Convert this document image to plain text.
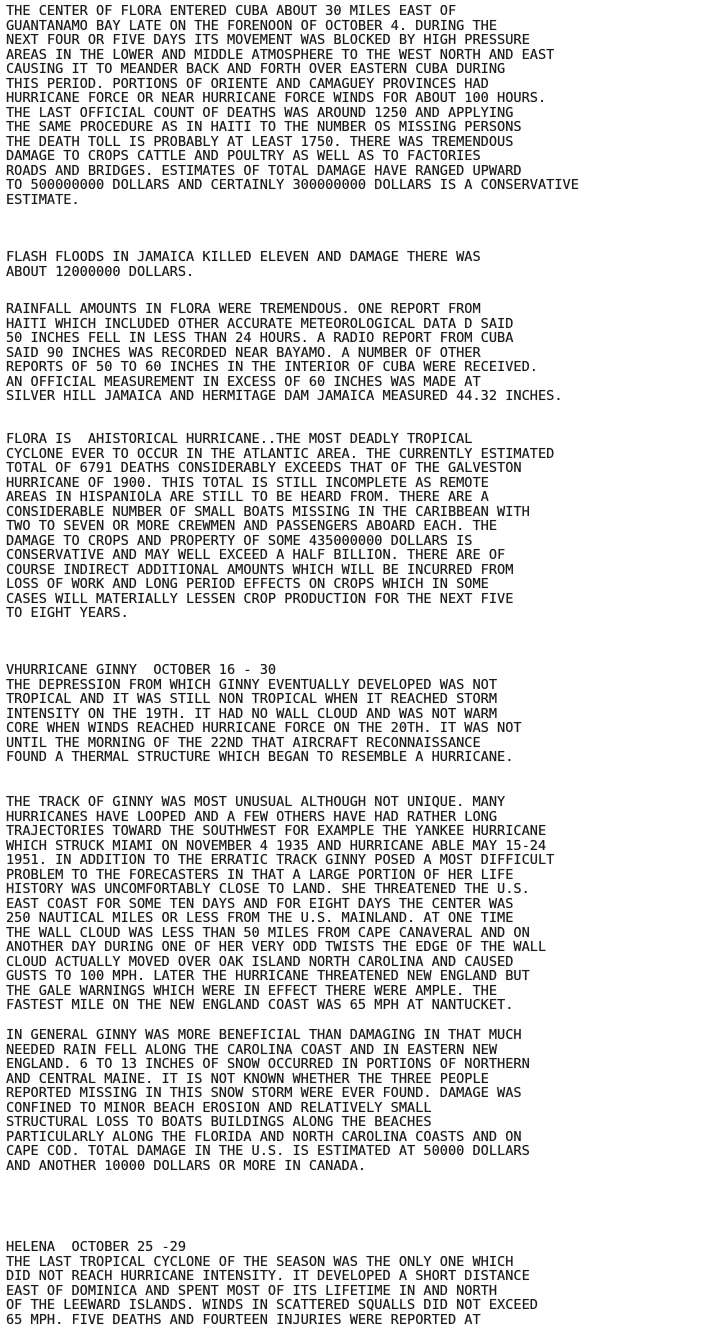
THE CENTER OF FLORA ENTERED CUBA ABOUT 30 MILES EAST OF
GUANTANAMO BAY LATE ON THE FORENOON OF OCTOBER 4. DURING THE
NEXT FOUR OR FIVE DAYS ITS MOVEMENT WAS BLOCKED BY HIGH PRESSURE
AREAS IN THE LOWER AND MIDDLE ATMOSPHERE TO THE WEST NORTH AND EAST
CAUSING IT TO MEANDER BACK AND FORTH OVER EASTERN CUBA DURING
THIS PERIOD. PORTIONS OF ORIENTE AND CAMAGUEY PROVINCES HAD
HURRICANE FORCE OR NEAR HURRICANE FORCE WINDS FOR ABOUT 100 HOURS.
THE LAST OFFICIAL COUNT OF DEATHS WAS AROUND 1250 AND APPLYING
THE SAME PROCEDURE AS IN HAITI TO THE NUMBER OS MISSING PERSONS
THE DEATH TOLL IS PROBABLY AT LEAST 1750. THERE WAS TREMENDOUS
DAMAGE TO CROPS CATTLE AND POULTRY AS WELL AS TO FACTORIES
ROADS AND BRIDGES. ESTIMATES OF TOTAL DAMAGE HAVE RANGED UPWARD
TO 500000000 DOLLARS AND CERTAINLY 300000000 DOLLARS IS A CONSERVATIVE
ESTIMATE.
FLASH FLOODS IN JAMAICA KILLED ELEVEN AND DAMAGE THERE WAS
ABOUT 12000000 DOLLARS.
RAINFALL AMOUNTS IN FLORA WERE TREMENDOUS. ONE REPORT FROM
HAITI WHICH INCLUDED OTHER ACCURATE METEOROLOGICAL DATA D SAID
50 INCHES FELL IN LESS THAN 24 HOURS. A RADIO REPORT FROM CUBA
SAID 90 INCHES WAS RECORDED NEAR BAYAMO. A NUMBER OF OTHER
REPORTS OF 50 TO 60 INCHES IN THE INTERIOR OF CUBA WERE RECEIVED.
AN OFFICIAL MEASUREMENT IN EXCESS OF 60 INCHES WAS MADE AT
SILVER HILL JAMAICA AND HERMITAGE DAM JAMAICA MEASURED 44.32 INCHES.
FLORA IS  AHISTORICAL HURRICANE..THE MOST DEADLY TROPICAL
CYCLONE EVER TO OCCUR IN THE ATLANTIC AREA. THE CURRENTLY ESTIMATED
TOTAL OF 6791 DEATHS CONSIDERABLY EXCEEDS THAT OF THE GALVESTON
HURRICANE OF 1900. THIS TOTAL IS STILL INCOMPLETE AS REMOTE
AREAS IN HISPANIOLA ARE STILL TO BE HEARD FROM. THERE ARE A
CONSIDERABLE NUMBER OF SMALL BOATS MISSING IN THE CARIBBEAN WITH
TWO TO SEVEN OR MORE CREWMEN AND PASSENGERS ABOARD EACH. THE
DAMAGE TO CROPS AND PROPERTY OF SOME 435000000 DOLLARS IS
CONSERVATIVE AND MAY WELL EXCEED A HALF BILLION. THERE ARE OF
COURSE INDIRECT ADDITIONAL AMOUNTS WHICH WILL BE INCURRED FROM
LOSS OF WORK AND LONG PERIOD EFFECTS ON CROPS WHICH IN SOME
CASES WILL MATERIALLY LESSEN CROP PRODUCTION FOR THE NEXT FIVE
TO EIGHT YEARS.
VHURRICANE GINNY  OCTOBER 16 - 30
THE DEPRESSION FROM WHICH GINNY EVENTUALLY DEVELOPED WAS NOT
TROPICAL AND IT WAS STILL NON TROPICAL WHEN IT REACHED STORM
INTENSITY ON THE 19TH. IT HAD NO WALL CLOUD AND WAS NOT WARM
CORE WHEN WINDS REACHED HURRICANE FORCE ON THE 20TH. IT WAS NOT
UNTIL THE MORNING OF THE 22ND THAT AIRCRAFT RECONNAISSANCE
FOUND A THERMAL STRUCTURE WHICH BEGAN TO RESEMBLE A HURRICANE.
THE TRACK OF GINNY WAS MOST UNUSUAL ALTHOUGH NOT UNIQUE. MANY
HURRICANES HAVE LOOPED AND A FEW OTHERS HAVE HAD RATHER LONG
TRAJECTORIES TOWARD THE SOUTHWEST FOR EXAMPLE THE YANKEE HURRICANE
WHICH STRUCK MIAMI ON NOVEMBER 4 1935 AND HURRICANE ABLE MAY 15-24
1951. IN ADDITION TO THE ERRATIC TRACK GINNY POSED A MOST DIFFICULT
PROBLEM TO THE FORECASTERS IN THAT A LARGE PORTION OF HER LIFE
HISTORY WAS UNCOMFORTABLY CLOSE TO LAND. SHE THREATENED THE U.S.
EAST COAST FOR SOME TEN DAYS AND FOR EIGHT DAYS THE CENTER WAS
250 NAUTICAL MILES OR LESS FROM THE U.S. MAINLAND. AT ONE TIME
THE WALL CLOUD WAS LESS THAN 50 MILES FROM CAPE CANAVERAL AND ON
ANOTHER DAY DURING ONE OF HER VERY ODD TWISTS THE EDGE OF THE WALL
CLOUD ACTUALLY MOVED OVER OAK ISLAND NORTH CAROLINA AND CAUSED
GUSTS TO 100 MPH. LATER THE HURRICANE THREATENED NEW ENGLAND BUT
THE GALE WARNINGS WHICH WERE IN EFFECT THERE WERE AMPLE. THE
FASTEST MILE ON THE NEW ENGLAND COAST WAS 65 MPH AT NANTUCKET.
IN GENERAL GINNY WAS MORE BENEFICIAL THAN DAMAGING IN THAT MUCH
NEEDED RAIN FELL ALONG THE CAROLINA COAST AND IN EASTERN NEW
ENGLAND. 6 TO 13 INCHES OF SNOW OCCURRED IN PORTIONS OF NORTHERN
AND CENTRAL MAINE. IT IS NOT KNOWN WHETHER THE THREE PEOPLE
REPORTED MISSING IN THIS SNOW STORM WERE EVER FOUND. DAMAGE WAS
CONFINED TO MINOR BEACH EROSION AND RELATIVELY SMALL
STRUCTURAL LOSS TO BOATS BUILDINGS ALONG THE BEACHES
PARTICULARLY ALONG THE FLORIDA AND NORTH CAROLINA COASTS AND ON
CAPE COD. TOTAL DAMAGE IN THE U.S. IS ESTIMATED AT 50000 DOLLARS
AND ANOTHER 10000 DOLLARS OR MORE IN CANADA.
HELENA  OCTOBER 25 -29
THE LAST TROPICAL CYCLONE OF THE SEASON WAS THE ONLY ONE WHICH
DID NOT REACH HURRICANE INTENSITY. IT DEVELOPED A SHORT DISTANCE
EAST OF DOMINICA AND SPENT MOST OF ITS LIFETIME IN AND NORTH
OF THE LEEWARD ISLANDS. WINDS IN SCATTERED SQUALLS DID NOT EXCEED
65 MPH. FIVE DEATHS AND FOURTEEN INJURIES WERE REPORTED AT
